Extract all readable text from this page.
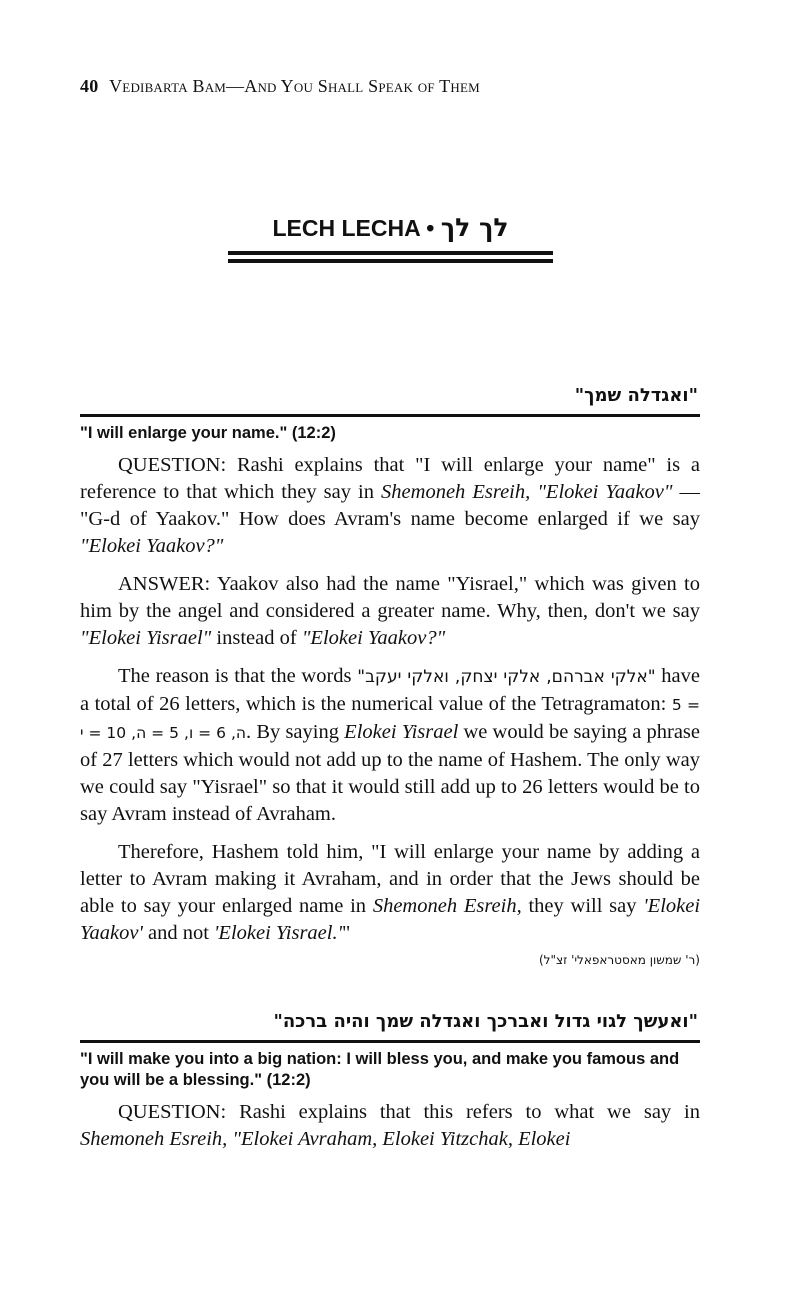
40 Vedibarta Bam—And You Shall Speak of Them
LECH LECHA • לך לך
"ואגדלה שמך"
"I will enlarge your name." (12:2)

QUESTION: Rashi explains that "I will enlarge your name" is a reference to that which they say in Shemoneh Esreih, "Elokei Yaakov" — "G-d of Yaakov." How does Avram's name become enlarged if we say "Elokei Yaakov?"

ANSWER: Yaakov also had the name "Yisrael," which was given to him by the angel and considered a greater name. Why, then, don't we say "Elokei Yisrael" instead of "Elokei Yaakov?"

The reason is that the words "אלקי אברהם, אלקי יצחק, ואלקי יעקב" have a total of 26 letters, which is the numerical value of the Tetragramaton: 5 = ה, 6 = ו, 5 = ה, 10 = י. By saying Elokei Yisrael we would be saying a phrase of 27 letters which would not add up to the name of Hashem. The only way we could say "Yisrael" so that it would still add up to 26 letters would be to say Avram instead of Avraham.

Therefore, Hashem told him, "I will enlarge your name by adding a letter to Avram making it Avraham, and in order that the Jews should be able to say your enlarged name in Shemoneh Esreih, they will say 'Elokei Yaakov' and not 'Elokei Yisrael.'"

(ר' שמשון מאסטראפאלי' זצ"ל)
"ואעשך לגוי גדול ואברכך ואגדלה שמך והיה ברכה"
"I will make you into a big nation: I will bless you, and make you famous and you will be a blessing." (12:2)

QUESTION: Rashi explains that this refers to what we say in Shemoneh Esreih, "Elokei Avraham, Elokei Yitzchak, Elokei
